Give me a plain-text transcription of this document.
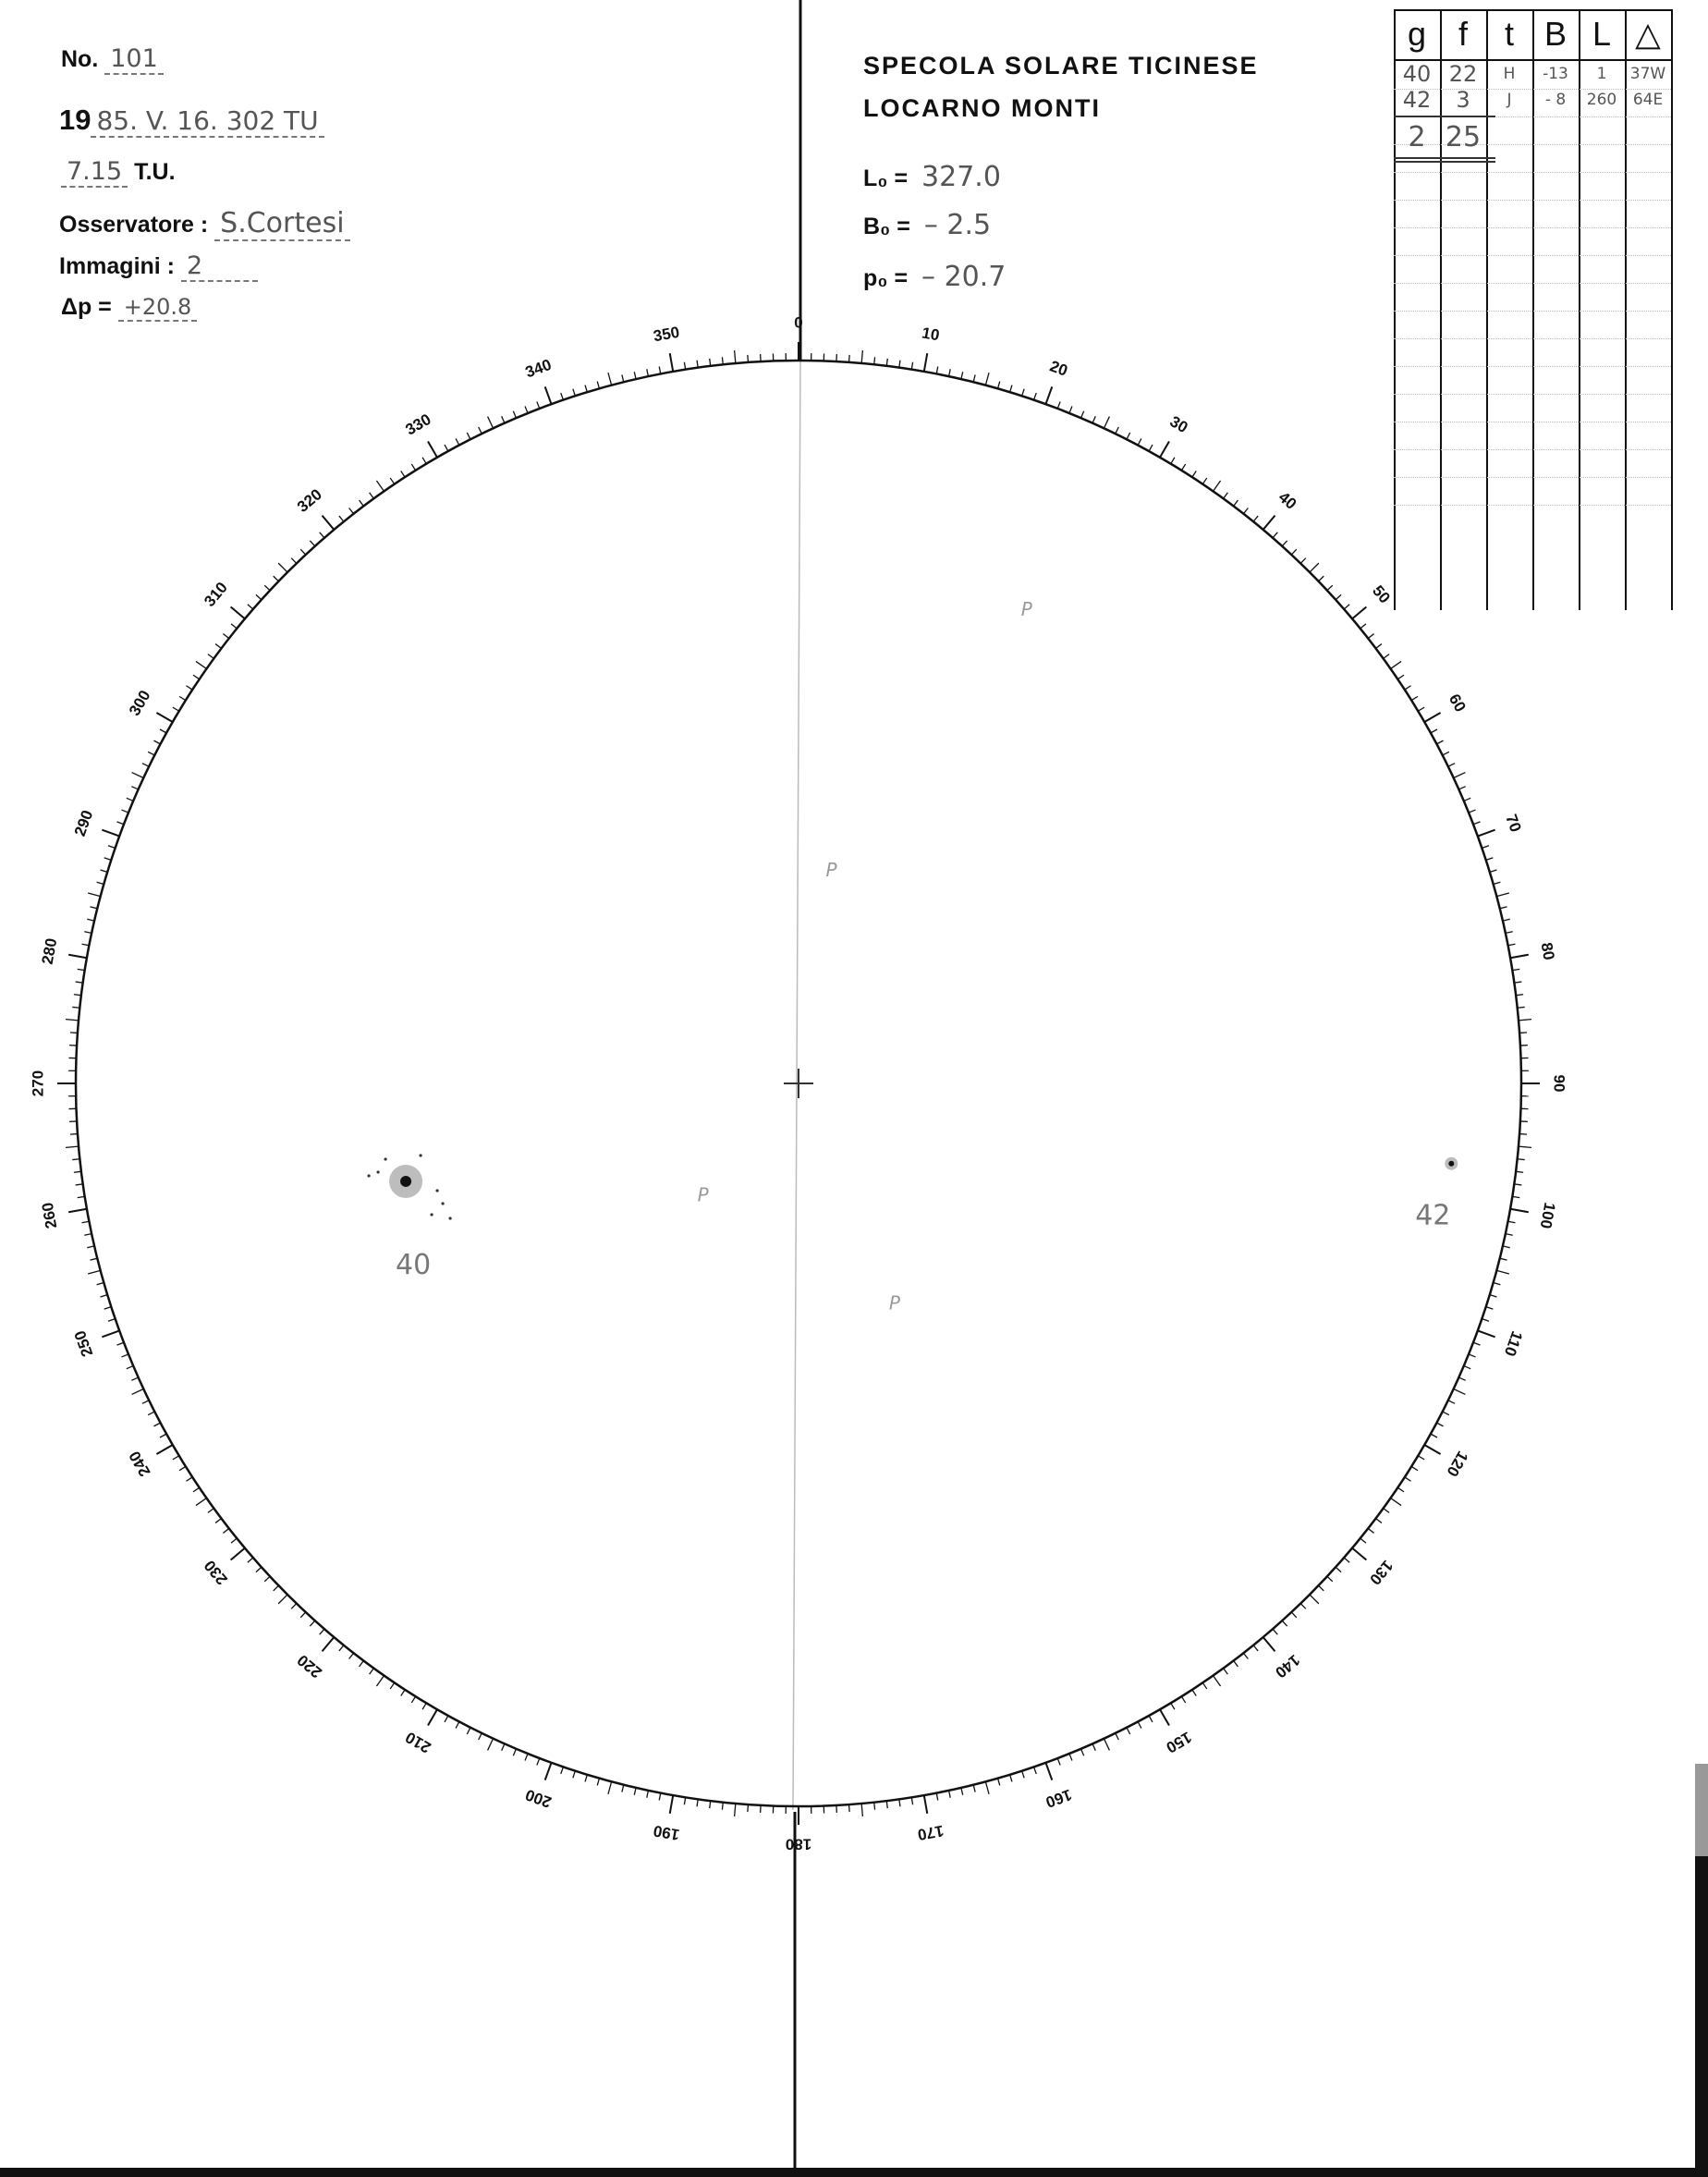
No. 101
19 85. V. 16. 302 TU
7.15 T.U.
Osservatore : S.Cortesi
Immagini : 2
Δp = +20.8
SPECOLA SOLARE TICINESE
LOCARNO MONTI
L₀ = 327.0
B₀ = – 2.5
p₀ = – 20.7
0
10
20
30
40
50
60
70
80
90
100
110
120
130
140
150
160
170
180
190
200
210
220
230
240
250
260
270
280
290
300
310
320
330
340
350
40
42
P
P
P
P
g f	t B L △
40 22	H	-13	1	37W
42	3	J	- 8	260	64E
2 25
